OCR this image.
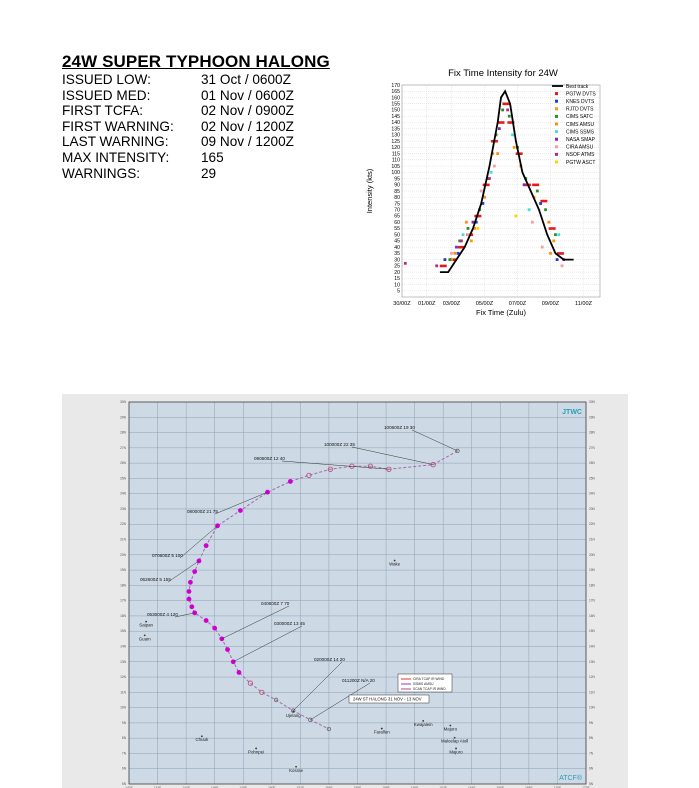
24W SUPER TYPHOON HALONG
ISSUED LOW:	31 Oct / 0600Z
ISSUED MED:	01 Nov / 0600Z
FIRST TCFA:	02 Nov / 0900Z
FIRST WARNING:	02 Nov / 1200Z
LAST WARNING:	09 Nov / 1200Z
MAX INTENSITY:	165
WARNINGS:	29
Fix Time Intensity for 24W
5
10
15
20
25
30
35
40
45
50
55
60
65
70
75
80
85
90
95
100
105
110
115
120
125
130
135
140
145
150
155
160
165
170
30/00Z 01/00Z 03/00Z	05/00Z	07/00Z	09/00Z	11/00Z
Fix Time (Zulu)
Intensity (kts)
Best track
PGTW DVTS
KNES DVTS
RJTD DVTS
CIMS SATC
CIMS AMSU
CIMS SSMS
NASA SMAP
CIRA AMSU
NSOF ATMS
PGTW ASCT
140E	142E	144E	146E	148E	150E	152E	154E	156E	158E	160E	162E	164E	166E	168E	170E	172E
5N	5N
6N	6N
7N	7N
8N	8N
9N	9N
10N	10N
11N	11N
12N	12N
13N	13N
14N	14N
15N	15N
16N	16N
17N	17N
18N	18N
19N	19N
20N	20N
21N	21N
22N	22N
23N	23N
24N	24N
25N	25N
26N	26N
27N	27N
28N	28N
29N	29N
30N	30N
JTWC
ATCF®
100600Z 19 30
100000Z 22 35
090600Z 12 40
080000Z 21 75
070600Z 5 100
062600Z 5 155
053000Z 4 120
040600Z 7 70
030000Z 13 45
020000Z 14 20
011200Z N/A 20
Wake
Ujelang
Farallon
Chuuk
Pohnpei
Kosrae
Kwajalein
Majuro
Maloelap Atoll
Majuro
Saipan
Guam
CIRA TCAP IR WIND
SSMIS AMSU
SCAN TCAP IR WIND
24W ST HALONG 31 NOV - 13 NOV
